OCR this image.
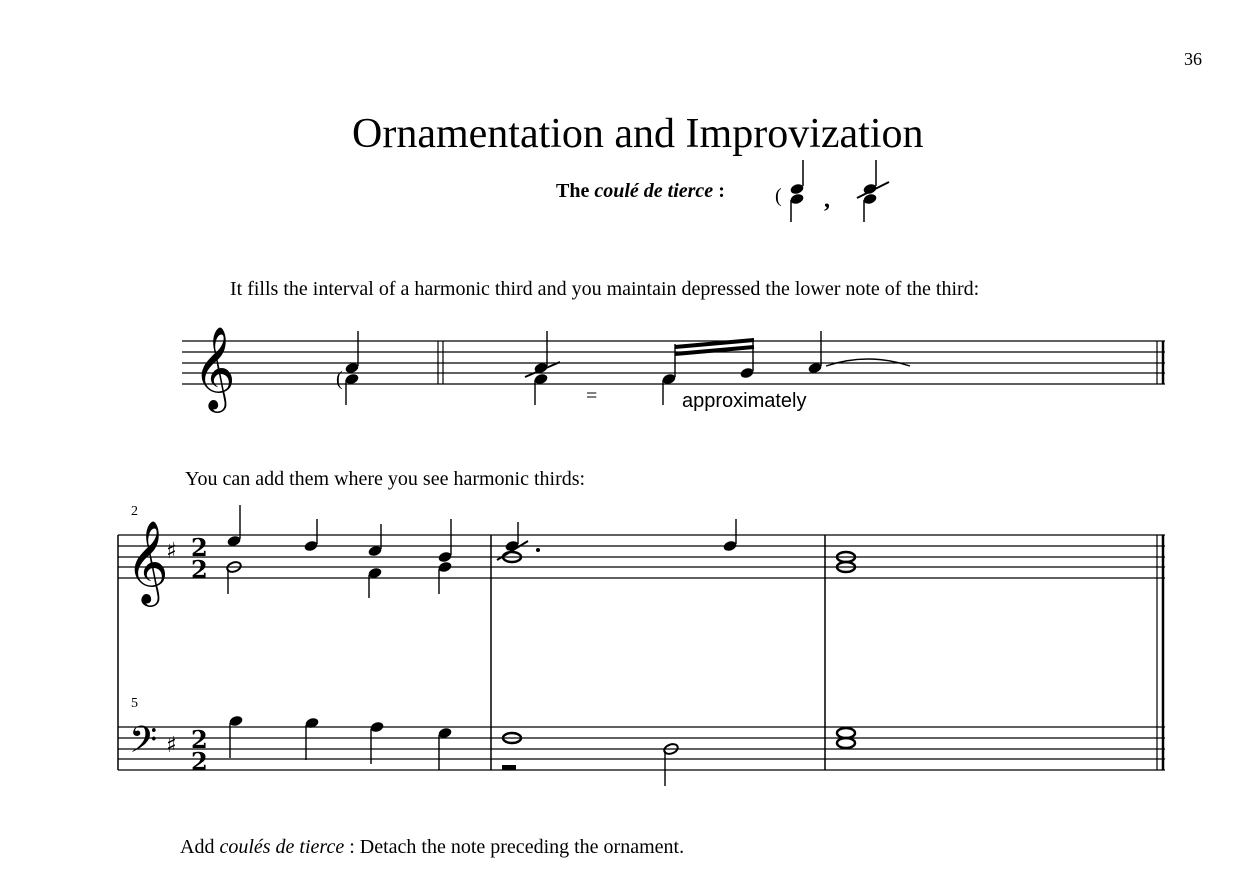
36
Ornamentation and Improvization
The coulé de tierce :
It fills the interval of a harmonic third and you maintain depressed the lower note of the third:
approximately
You can add them where you see harmonic thirds:
Add coulés de tierce : Detach the note preceding the ornament.
( ,
𝄞	(
=
2
5
𝄞
𝄢
♯
♯
2
2
2
2
